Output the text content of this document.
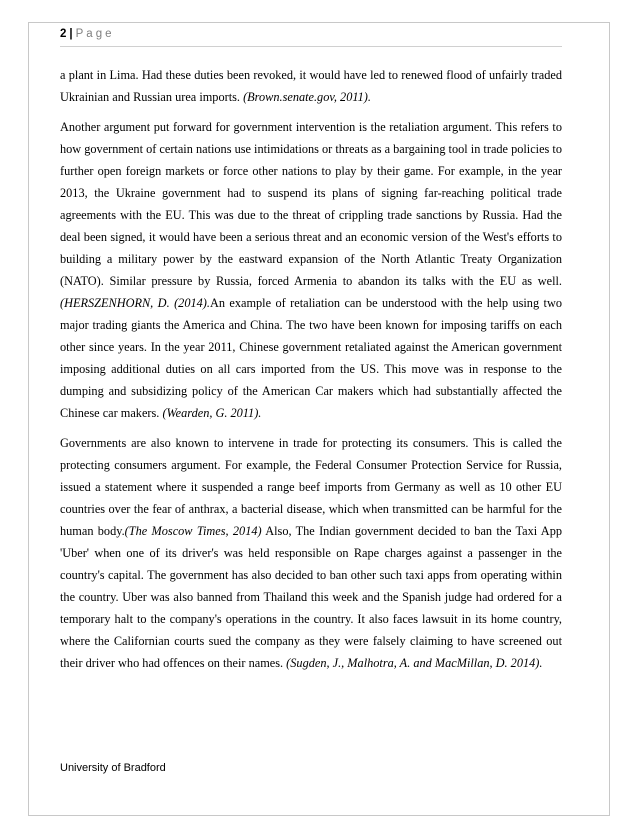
2 | Page

a plant in Lima. Had these duties been revoked, it would have led to renewed flood of unfairly traded Ukrainian and Russian urea imports. (Brown.senate.gov, 2011).

Another argument put forward for government intervention is the retaliation argument. This refers to how government of certain nations use intimidations or threats as a bargaining tool in trade policies to further open foreign markets or force other nations to play by their game. For example, in the year 2013, the Ukraine government had to suspend its plans of signing far-reaching political trade agreements with the EU. This was due to the threat of crippling trade sanctions by Russia. Had the deal been signed, it would have been a serious threat and an economic version of the West's efforts to building a military power by the eastward expansion of the North Atlantic Treaty Organization (NATO). Similar pressure by Russia, forced Armenia to abandon its talks with the EU as well. (HERSZENHORN, D. (2014).An example of retaliation can be understood with the help using two major trading giants the America and China. The two have been known for imposing tariffs on each other since years. In the year 2011, Chinese government retaliated against the American government imposing additional duties on all cars imported from the US. This move was in response to the dumping and subsidizing policy of the American Car makers which had substantially affected the Chinese car makers. (Wearden, G. 2011).

Governments are also known to intervene in trade for protecting its consumers. This is called the protecting consumers argument. For example, the Federal Consumer Protection Service for Russia, issued a statement where it suspended a range beef imports from Germany as well as 10 other EU countries over the fear of anthrax, a bacterial disease, which when transmitted can be harmful for the human body.(The Moscow Times, 2014) Also, The Indian government decided to ban the Taxi App 'Uber' when one of its driver's was held responsible on Rape charges against a passenger in the country's capital. The government has also decided to ban other such taxi apps from operating within the country. Uber was also banned from Thailand this week and the Spanish judge had ordered for a temporary halt to the company's operations in the country. It also faces lawsuit in its home country, where the Californian courts sued the company as they were falsely claiming to have screened out their driver who had offences on their names. (Sugden, J., Malhotra, A. and MacMillan, D. 2014).

University of Bradford
